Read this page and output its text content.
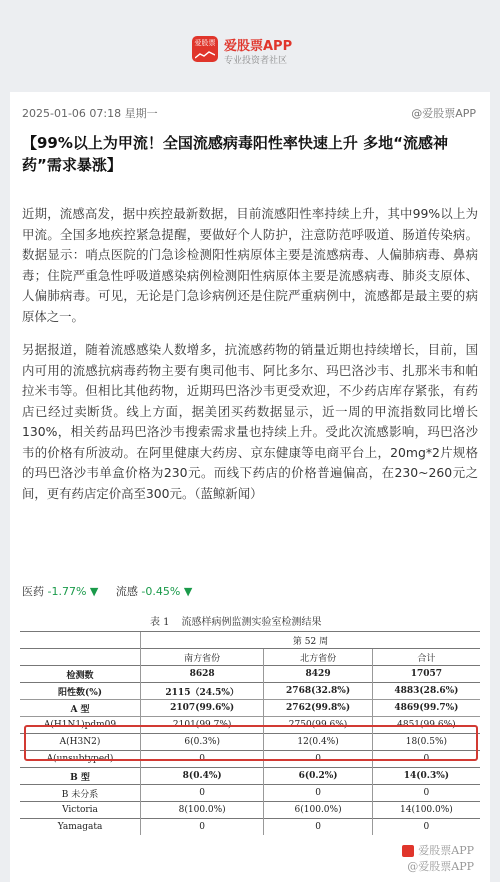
爱股票 爱股票APP
专业投资者社区
2025-01-06 07:18 星期一	@爱股票APP
【99%以上为甲流！全国流感病毒阳性率快速上升 多地“流感神药”需求暴涨】
近期，流感高发，据中疾控最新数据，目前流感阳性率持续上升，其中99%以上为甲流。全国多地疾控紧急提醒，要做好个人防护，注意防范呼吸道、肠道传染病。数据显示：哨点医院的门急诊检测阳性病原体主要是流感病毒、人偏肺病毒、鼻病毒；住院严重急性呼吸道感染病例检测阳性病原体主要是流感病毒、肺炎支原体、人偏肺病毒。可见，无论是门急诊病例还是住院严重病例中，流感都是最主要的病原体之一。
另据报道，随着流感感染人数增多，抗流感药物的销量近期也持续增长，目前，国内可用的流感抗病毒药物主要有奥司他韦、阿比多尔、玛巴洛沙韦、扎那米韦和帕拉米韦等。但相比其他药物，近期玛巴洛沙韦更受欢迎，不少药店库存紧张，有药店已经过卖断货。线上方面，据美团买药数据显示，近一周的甲流指数同比增长130%，相关药品玛巴洛沙韦搜索需求量也持续上升。受此次流感影响，玛巴洛沙韦的价格有所波动。在阿里健康大药房、京东健康等电商平台上，20mg*2片规格的玛巴洛沙韦单盒价格为230元。而线下药店的价格普遍偏高，在230~260元之间，更有药店定价高至300元。（蓝鲸新闻）
医药 -1.77% ▼ 流感 -0.45% ▼
表 1 流感样病例监测实验室检测结果
	第 52 周		
	南方省份	北方省份	合计
检测数	8628	8429	17057
阳性数(%)	2115（24.5%）	2768(32.8%)	4883(28.6%)
A 型	2107(99.6%)	2762(99.8%)	4869(99.7%)
A(H1N1)pdm09	2101(99.7%)	2750(99.6%)	4851(99.6%)
A(H3N2)	6(0.3%)	12(0.4%)	18(0.5%)
A(unsubtyped)	0	0	0
B 型	8(0.4%)	6(0.2%)	14(0.3%)
B 未分系	0	0	0
Victoria	8(100.0%)	6(100.0%)	14(100.0%)
Yamagata	0	0	0
爱股票APP
@爱股票APP
